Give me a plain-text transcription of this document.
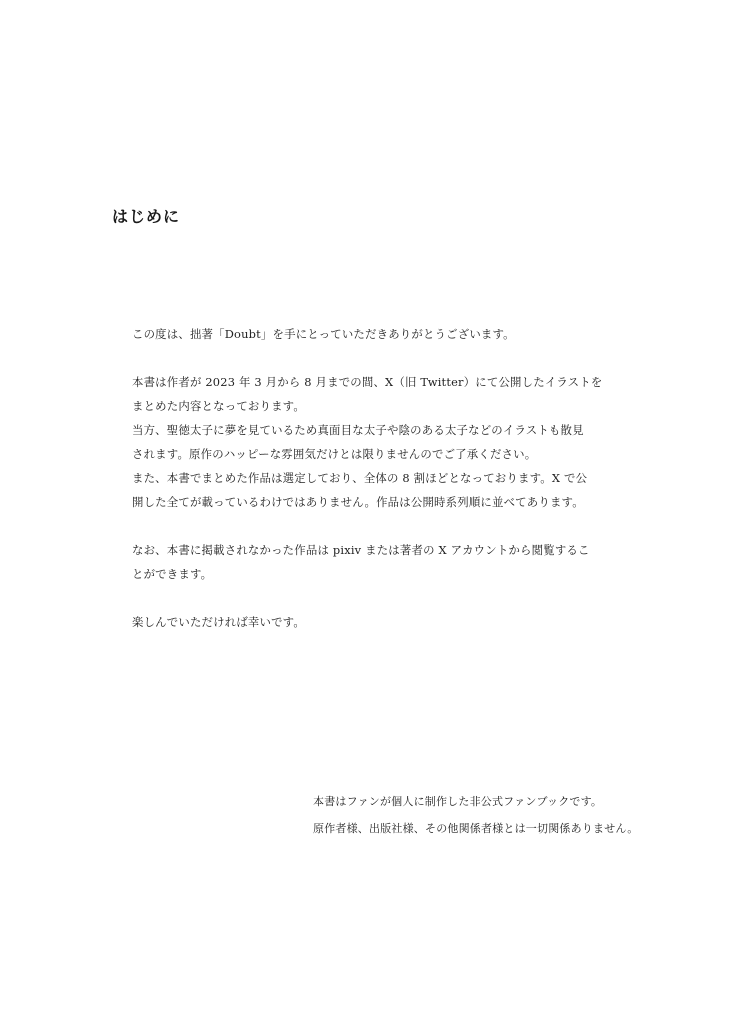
はじめに

この度は、拙著「Doubt」を手にとっていただきありがとうございます。

本書は作者が 2023 年 3 月から 8 月までの間、X（旧 Twitter）にて公開したイラストを
まとめた内容となっております。
当方、聖徳太子に夢を見ているため真面目な太子や陰のある太子などのイラストも散見
されます。原作のハッピーな雰囲気だけとは限りませんのでご了承ください。
また、本書でまとめた作品は選定しており、全体の 8 割ほどとなっております。X で公
開した全てが載っているわけではありません。作品は公開時系列順に並べてあります。

なお、本書に掲載されなかった作品は pixiv または著者の X アカウントから閲覧するこ
とができます。

楽しんでいただければ幸いです。

本書はファンが個人に制作した非公式ファンブックです。
原作者様、出版社様、その他関係者様とは一切関係ありません。
